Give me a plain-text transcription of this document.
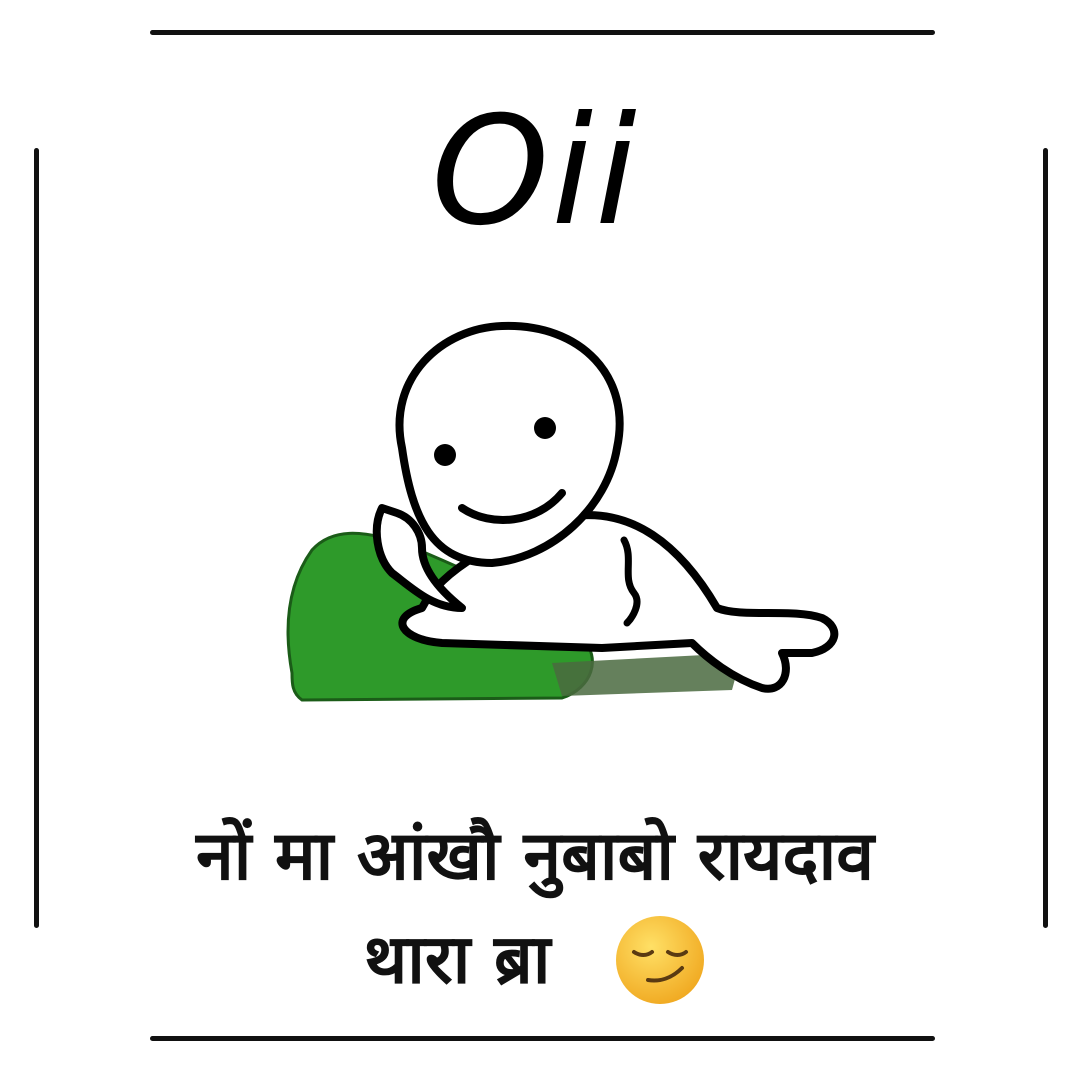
Oii
नों मा आंखौ नुबाबो रायदाव
थारा ब्रा
